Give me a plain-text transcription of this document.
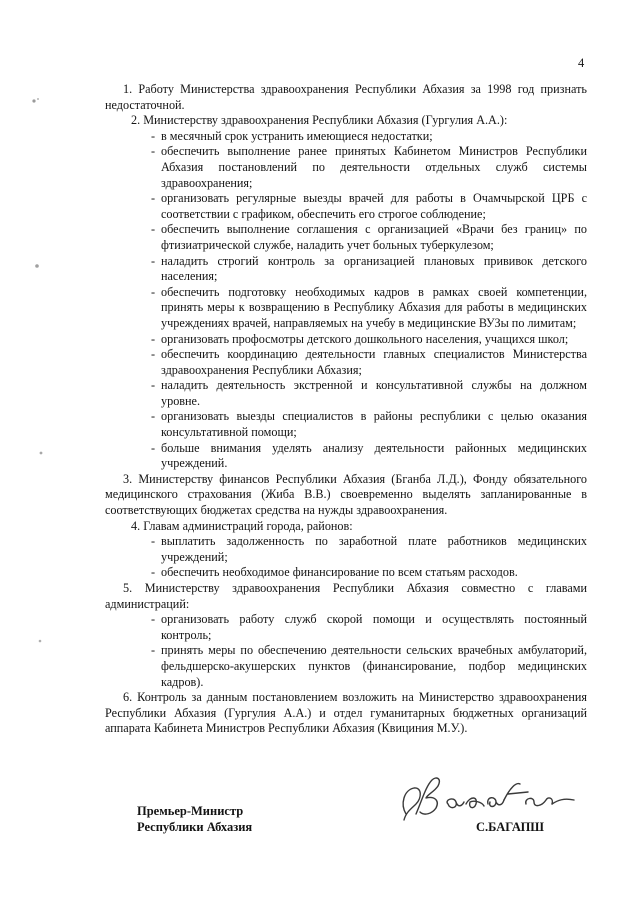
4

1. Работу Министерства здравоохранения Республики Абхазия за 1998 год признать недостаточной.

2. Министерству здравоохранения Республики Абхазия (Гургулия А.А.):

- в месячный срок устранить имеющиеся недостатки;
- обеспечить выполнение ранее принятых Кабинетом Министров Республики Абхазия постановлений по деятельности отдельных служб системы здравоохранения;
- организовать регулярные выезды врачей для работы в Очамчырской ЦРБ с соответствии с графиком, обеспечить его строгое соблюдение;
- обеспечить выполнение соглашения с организацией «Врачи без границ» по фтизиатрической службе, наладить учет больных туберкулезом;
- наладить строгий контроль за организацией плановых прививок детского населения;
- обеспечить подготовку необходимых кадров в рамках своей компетенции, принять меры к возвращению в Республику Абхазия для работы в медицинских учреждениях врачей, направляемых на учебу в медицинские ВУЗы по лимитам;
- организовать профосмотры детского дошкольного населения, учащихся школ;
- обеспечить координацию деятельности главных специалистов Министерства здравоохранения Республики Абхазия;
- наладить деятельность экстренной и консультативной службы на должном уровне.
- организовать выезды специалистов в районы республики с целью оказания консультативной помощи;
- больше внимания уделять анализу деятельности районных медицинских учреждений.

3. Министерству финансов Республики Абхазия (Бганба Л.Д.), Фонду обязательного медицинского страхования (Жиба В.В.) своевременно выделять запланированные в соответствующих бюджетах средства на нужды здравоохранения.

4. Главам администраций города, районов:

- выплатить задолженность по заработной плате работников медицинских учреждений;
- обеспечить необходимое финансирование по всем статьям расходов.

5. Министерству здравоохранения Республики Абхазия совместно с главами администраций:

- организовать работу служб скорой помощи и осуществлять постоянный контроль;
- принять меры по обеспечению деятельности сельских врачебных амбулаторий, фельдшерско-акушерских пунктов (финансирование, подбор медицинских кадров).

6. Контроль за данным постановлением возложить на Министерство здравоохранения Республики Абхазия (Гургулия А.А.) и отдел гуманитарных бюджетных организаций аппарата Кабинета Министров Республики Абхазия (Квициния М.У.).

Премьер-Министр
Республики Абхазия	С.БАГАПШ
